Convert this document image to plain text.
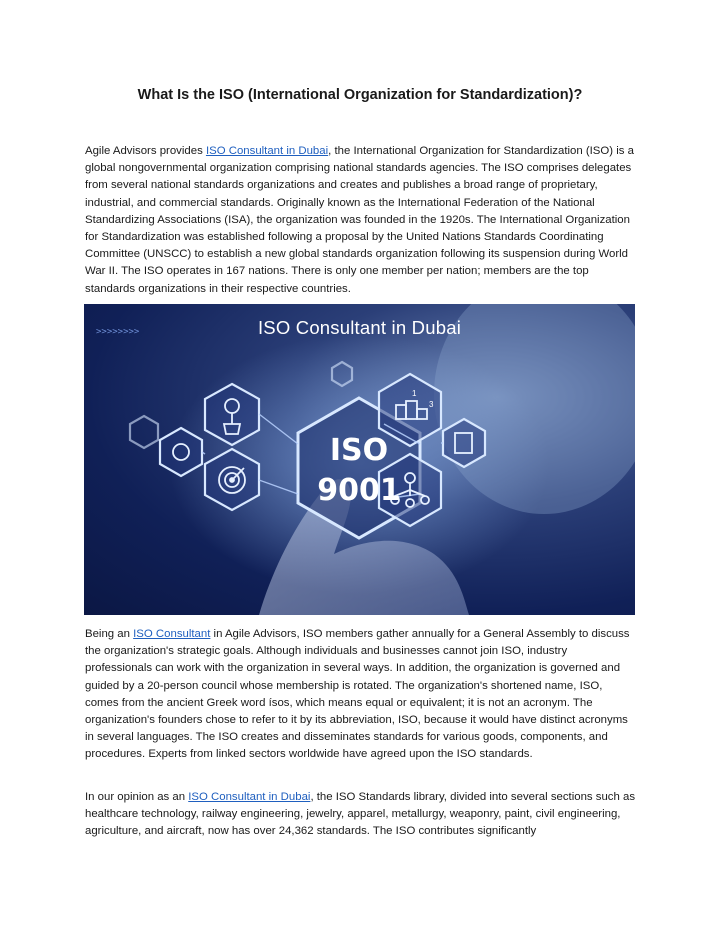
What Is the ISO (International Organization for Standardization)?

Agile Advisors provides ISO Consultant in Dubai, the International Organization for Standardization (ISO) is a global nongovernmental organization comprising national standards agencies. The ISO comprises delegates from several national standards organizations and creates and publishes a broad range of proprietary, industrial, and commercial standards. Originally known as the International Federation of the National Standardizing Associations (ISA), the organization was founded in the 1920s. The International Organization for Standardization was established following a proposal by the United Nations Standards Coordinating Committee (UNSCC) to establish a new global standards organization following its suspension during World War II. The ISO operates in 167 nations. There is only one member per nation; members are the top standards organizations in their respective countries.

1
3
ISO
9001
>>>>>>>>	ISO Consultant in Dubai

Being an ISO Consultant in Agile Advisors, ISO members gather annually for a General Assembly to discuss the organization's strategic goals. Although individuals and businesses cannot join ISO, industry professionals can work with the organization in several ways. In addition, the organization is governed and guided by a 20-person council whose membership is rotated. The organization's shortened name, ISO, comes from the ancient Greek word ísos, which means equal or equivalent; it is not an acronym. The organization's founders chose to refer to it by its abbreviation, ISO, because it would have distinct acronyms in several languages. The ISO creates and disseminates standards for various goods, components, and procedures. Experts from linked sectors worldwide have agreed upon the ISO standards.

In our opinion as an ISO Consultant in Dubai, the ISO Standards library, divided into several sections such as healthcare technology, railway engineering, jewelry, apparel, metallurgy, weaponry, paint, civil engineering, agriculture, and aircraft, now has over 24,362 standards. The ISO contributes significantly
